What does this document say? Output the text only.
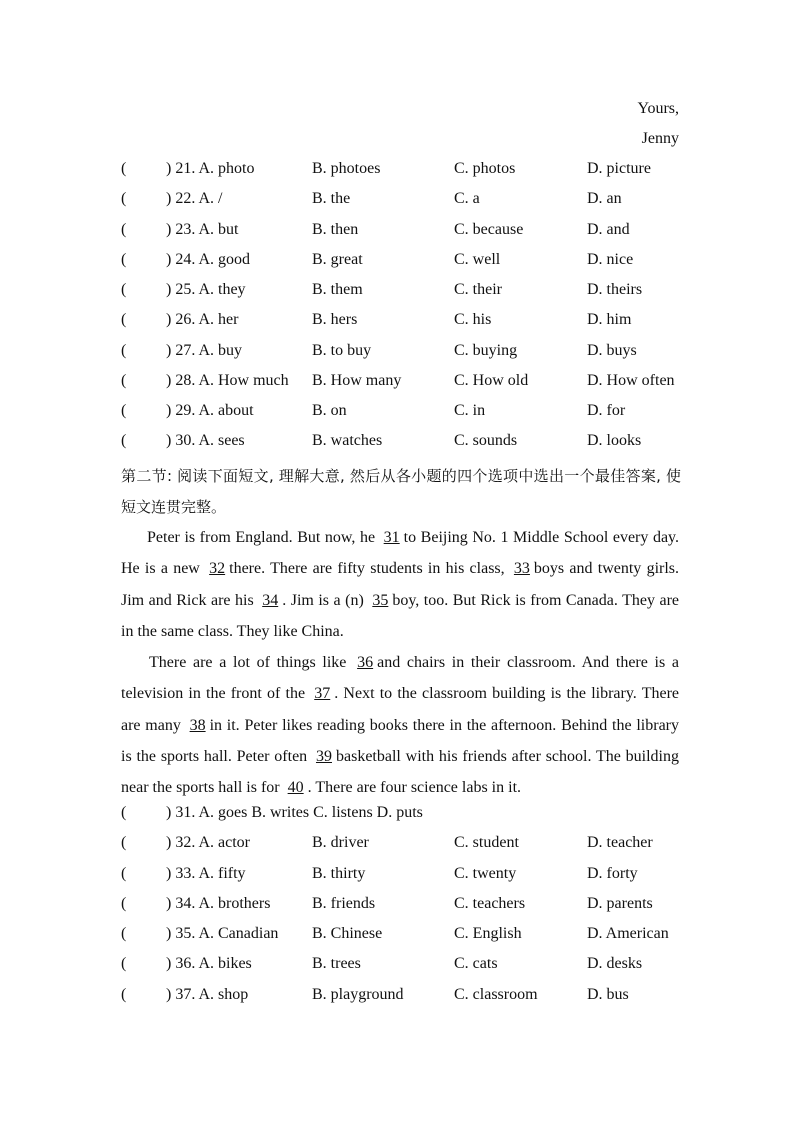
Yours,
Jenny
( ) 21. A. photo	B. photoes	C. photos	D. picture
( ) 22. A. /	B. the	C. a	D. an
( ) 23. A. but	B. then	C. because	D. and
( ) 24. A. good	B. great	C. well	D. nice
( ) 25. A. they	B. them	C. their	D. theirs
( ) 26. A. her	B. hers	C. his	D. him
( ) 27. A. buy	B. to buy	C. buying	D. buys
( ) 28. A. How much B. How many	C. How old	D. How often
( ) 29. A. about	B. on	C. in	D. for
( ) 30. A. sees	B. watches	C. sounds	D. looks
第二节: 阅读下面短文, 理解大意, 然后从各小题的四个选项中选出一个最佳答案, 使短文连贯完整。
Peter is from England. But now, he 31 to Beijing No. 1 Middle School every day. He is a new 32 there. There are fifty students in his class, 33 boys and twenty girls. Jim and Rick are his 34 . Jim is a (n) 35 boy, too. But Rick is from Canada. They are in the same class. They like China.
There are a lot of things like 36 and chairs in their classroom. And there is a television in the front of the 37 . Next to the classroom building is the library. There are many 38 in it. Peter likes reading books there in the afternoon. Behind the library is the sports hall. Peter often 39 basketball with his friends after school. The building near the sports hall is for 40 . There are four science labs in it.
( ) 31. A. goes B. writes C. listens D. puts
( ) 32. A. actor	B. driver	C. student	D. teacher
( ) 33. A. fifty	B. thirty	C. twenty	D. forty
( ) 34. A. brothers	B. friends	C. teachers	D. parents
( ) 35. A. Canadian B. Chinese	C. English	D. American
( ) 36. A. bikes	B. trees	C. cats	D. desks
( ) 37. A. shop	B. playground	C. classroom	D. bus
